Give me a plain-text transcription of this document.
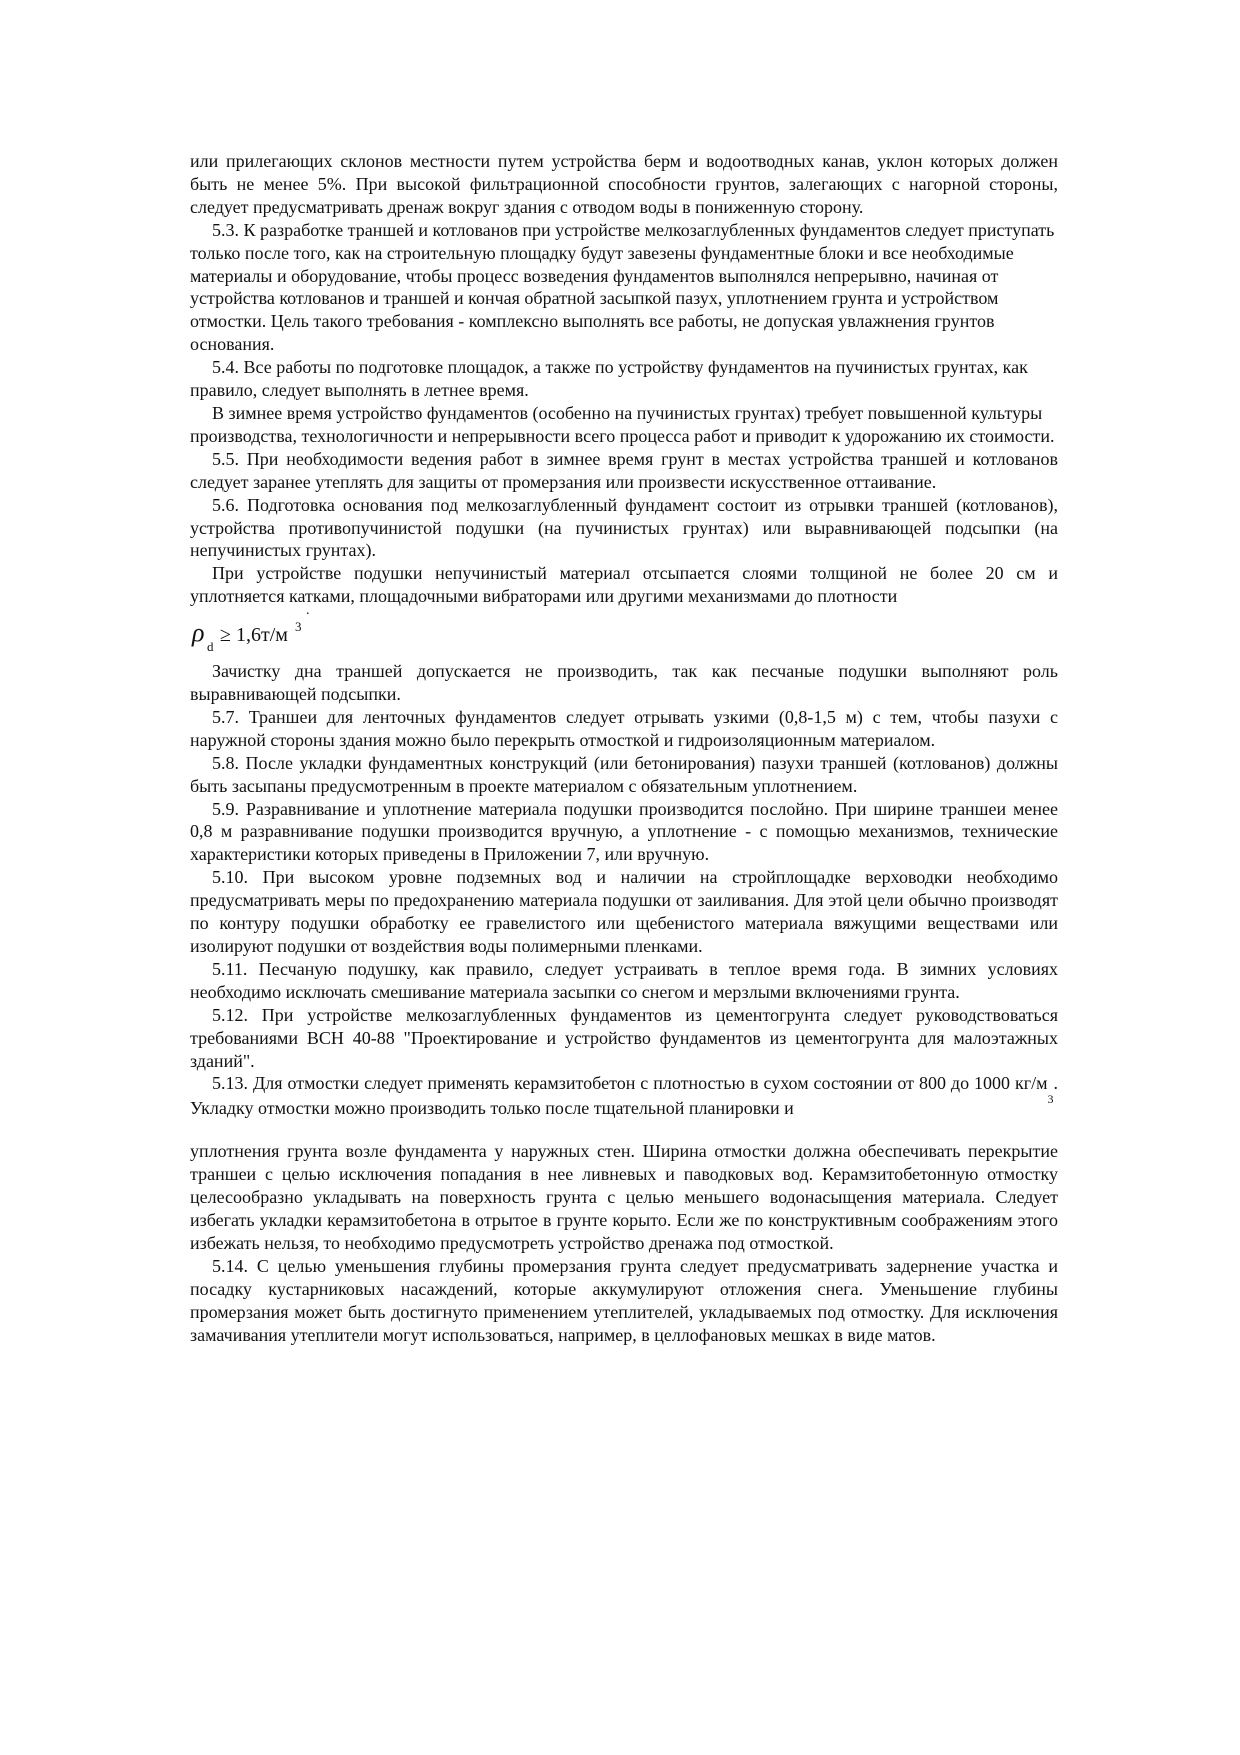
или прилегающих склонов местности путем устройства берм и водоотводных канав, уклон которых должен быть не менее 5%. При высокой фильтрационной способности грунтов, залегающих с нагорной стороны, следует предусматривать дренаж вокруг здания с отводом воды в пониженную сторону.

5.3. К разработке траншей и котлованов при устройстве мелкозаглубленных фундаментов следует приступать только после того, как на строительную площадку будут завезены фундаментные блоки и все необходимые материалы и оборудование, чтобы процесс возведения фундаментов выполнялся непрерывно, начиная от устройства котлованов и траншей и кончая обратной засыпкой пазух, уплотнением грунта и устройством отмостки. Цель такого требования - комплексно выполнять все работы, не допуская увлажнения грунтов основания.

5.4. Все работы по подготовке площадок, а также по устройству фундаментов на пучинистых грунтах, как правило, следует выполнять в летнее время.

В зимнее время устройство фундаментов (особенно на пучинистых грунтах) требует повышенной культуры производства, технологичности и непрерывности всего процесса работ и приводит к удорожанию их стоимости.

5.5. При необходимости ведения работ в зимнее время грунт в местах устройства траншей и котлованов следует заранее утеплять для защиты от промерзания или произвести искусственное оттаивание.

5.6. Подготовка основания под мелкозаглубленный фундамент состоит из отрывки траншей (котлованов), устройства противопучинистой подушки (на пучинистых грунтах) или выравнивающей подсыпки (на непучинистых грунтах).

При устройстве подушки непучинистый материал отсыпается слоями толщиной не более 20 см и уплотняется катками, площадочными вибраторами или другими механизмами до плотности

.
ρ d
≥ 1,6т/м 3

Зачистку дна траншей допускается не производить, так как песчаные подушки выполняют роль выравнивающей подсыпки.

5.7. Траншеи для ленточных фундаментов следует отрывать узкими (0,8-1,5 м) с тем, чтобы пазухи с наружной стороны здания можно было перекрыть отмосткой и гидроизоляционным материалом.

5.8. После укладки фундаментных конструкций (или бетонирования) пазухи траншей (котлованов) должны быть засыпаны предусмотренным в проекте материалом с обязательным уплотнением.

5.9. Разравнивание и уплотнение материала подушки производится послойно. При ширине траншеи менее 0,8 м разравнивание подушки производится вручную, а уплотнение - с помощью механизмов, технические характеристики которых приведены в Приложении 7, или вручную.

5.10. При высоком уровне подземных вод и наличии на стройплощадке верховодки необходимо предусматривать меры по предохранению материала подушки от заиливания. Для этой цели обычно производят по контуру подушки обработку ее гравелистого или щебенистого материала вяжущими веществами или изолируют подушки от воздействия воды полимерными пленками.

5.11. Песчаную подушку, как правило, следует устраивать в теплое время года. В зимних условиях необходимо исключать смешивание материала засыпки со снегом и мерзлыми включениями грунта.

5.12. При устройстве мелкозаглубленных фундаментов из цементогрунта следует руководствоваться требованиями ВСН 40-88 "Проектирование и устройство фундаментов из цементогрунта для малоэтажных зданий".

5.13. Для отмостки следует применять керамзитобетон с плотностью в сухом состоянии от 800 до 1000 $кг/м_3$. Укладку отмостки можно производить только после тщательной планировки и

уплотнения грунта возле фундамента у наружных стен. Ширина отмостки должна обеспечивать перекрытие траншеи с целью исключения попадания в нее ливневых и паводковых вод. Керамзитобетонную отмостку целесообразно укладывать на поверхность грунта с целью меньшего водонасыщения материала. Следует избегать укладки керамзитобетона в отрытое в грунте корыто. Если же по конструктивным соображениям этого избежать нельзя, то необходимо предусмотреть устройство дренажа под отмосткой.

5.14. С целью уменьшения глубины промерзания грунта следует предусматривать задернение участка и посадку кустарниковых насаждений, которые аккумулируют отложения снега. Уменьшение глубины промерзания может быть достигнуто применением утеплителей, укладываемых под отмостку. Для исключения замачивания утеплители могут использоваться, например, в целлофановых мешках в виде матов.
